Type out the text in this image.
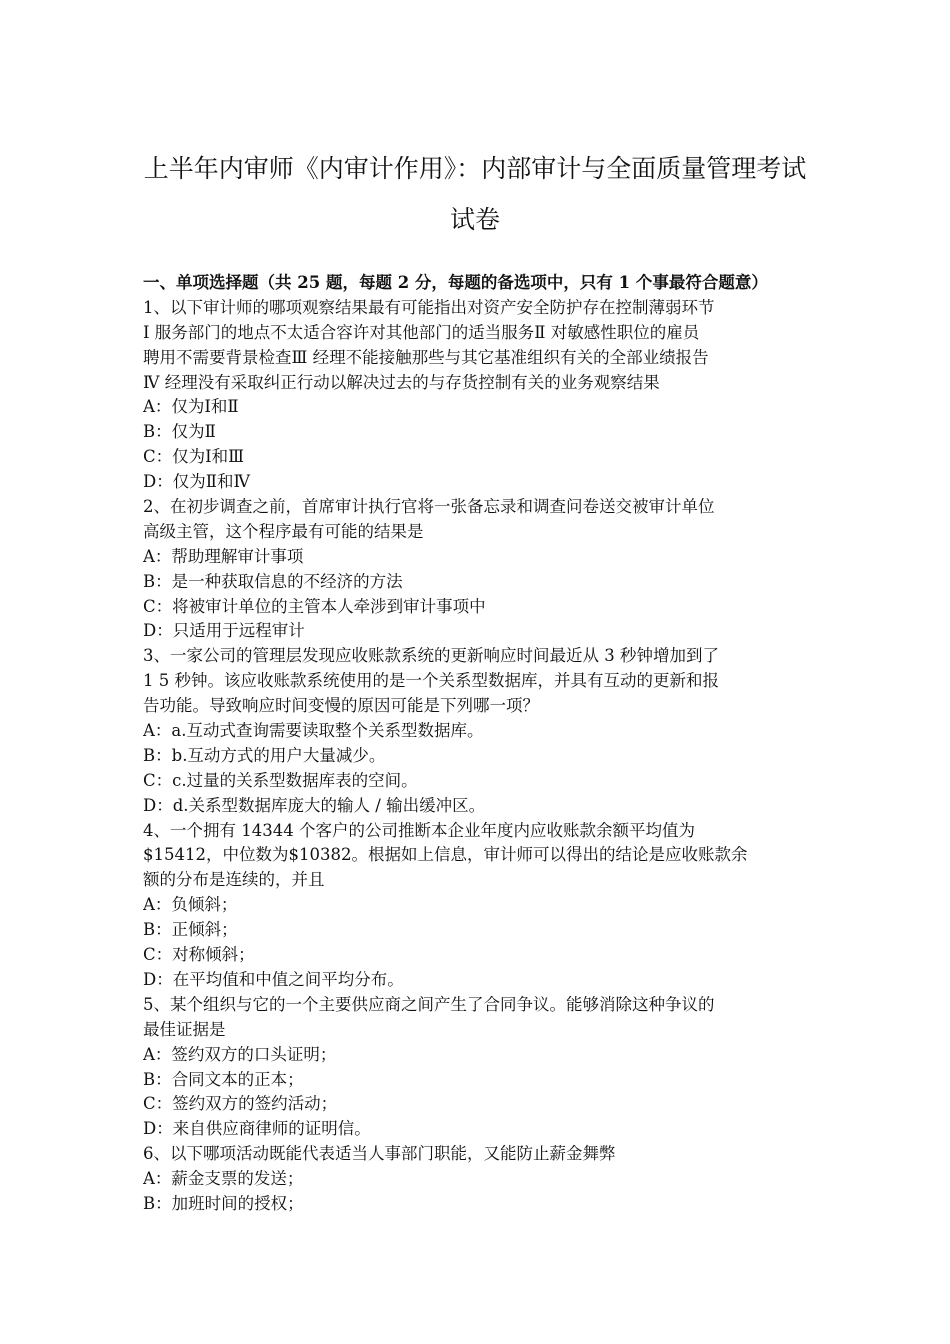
上半年内审师《内审计作用》：内部审计与全面质量管理考试
试卷
一、单项选择题（共 25 题，每题 2 分，每题的备选项中，只有 1 个事最符合题意）
1、以下审计师的哪项观察结果最有可能指出对资产安全防护存在控制薄弱环节
Ⅰ 服务部门的地点不太适合容许对其他部门的适当服务Ⅱ 对敏感性职位的雇员
聘用不需要背景检查Ⅲ 经理不能接触那些与其它基准组织有关的全部业绩报告
Ⅳ 经理没有采取纠正行动以解决过去的与存货控制有关的业务观察结果
A：仅为Ⅰ和Ⅱ
B：仅为Ⅱ
C：仅为Ⅰ和Ⅲ
D：仅为Ⅱ和Ⅳ
2、在初步调查之前，首席审计执行官将一张备忘录和调查问卷送交被审计单位
高级主管，这个程序最有可能的结果是
A：帮助理解审计事项
B：是一种获取信息的不经济的方法
C：将被审计单位的主管本人牵涉到审计事项中
D：只适用于远程审计
3、一家公司的管理层发现应收账款系统的更新响应时间最近从 3 秒钟增加到了
1 5 秒钟。该应收账款系统使用的是一个关系型数据库，并具有互动的更新和报
告功能。导致响应时间变慢的原因可能是下列哪一项？
A：a.互动式查询需要读取整个关系型数据库。
B：b.互动方式的用户大量减少。
C：c.过量的关系型数据库表的空间。
D：d.关系型数据库庞大的输人 / 输出缓冲区。
4、一个拥有 14344 个客户的公司推断本企业年度内应收账款余额平均值为
$15412，中位数为$10382。根据如上信息，审计师可以得出的结论是应收账款余
额的分布是连续的，并且
A：负倾斜；
B：正倾斜；
C：对称倾斜；
D：在平均值和中值之间平均分布。
5、某个组织与它的一个主要供应商之间产生了合同争议。能够消除这种争议的
最佳证据是
A：签约双方的口头证明；
B：合同文本的正本；
C：签约双方的签约活动；
D：来自供应商律师的证明信。
6、以下哪项活动既能代表适当人事部门职能，又能防止薪金舞弊
A：薪金支票的发送；
B：加班时间的授权；
